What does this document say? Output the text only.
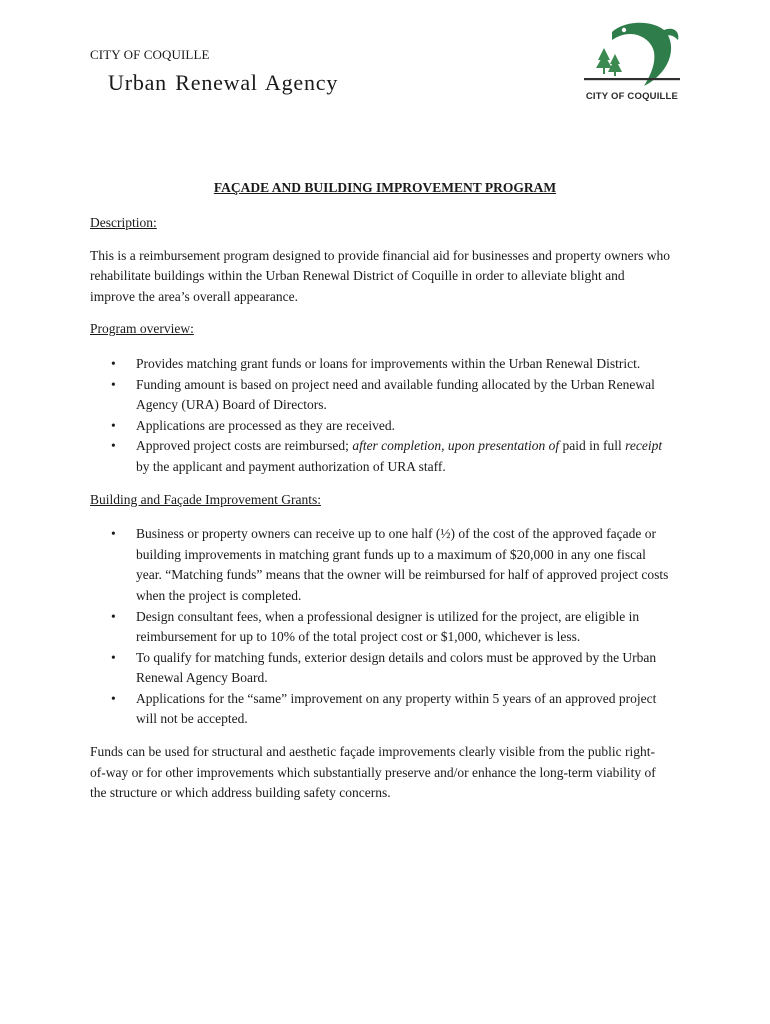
CITY OF COQUILLE
Urban Renewal Agency
CITY OF COQUILLE
FAÇADE AND BUILDING IMPROVEMENT PROGRAM

Description:

This is a reimbursement program designed to provide financial aid for businesses and property owners who rehabilitate buildings within the Urban Renewal District of Coquille in order to alleviate blight and improve the area’s overall appearance.

Program overview:

• Provides matching grant funds or loans for improvements within the Urban Renewal District.
• Funding amount is based on project need and available funding allocated by the Urban Renewal Agency (URA) Board of Directors.
• Applications are processed as they are received.
• Approved project costs are reimbursed; after completion, upon presentation of paid in full receipt by the applicant and payment authorization of URA staff.

Building and Façade Improvement Grants:

• Business or property owners can receive up to one half (½) of the cost of the approved façade or building improvements in matching grant funds up to a maximum of $20,000 in any one fiscal year. “Matching funds” means that the owner will be reimbursed for half of approved project costs when the project is completed.
• Design consultant fees, when a professional designer is utilized for the project, are eligible in reimbursement for up to 10% of the total project cost or $1,000, whichever is less.
• To qualify for matching funds, exterior design details and colors must be approved by the Urban Renewal Agency Board.
• Applications for the “same” improvement on any property within 5 years of an approved project will not be accepted.

Funds can be used for structural and aesthetic façade improvements clearly visible from the public right-of-way or for other improvements which substantially preserve and/or enhance the long-term viability of the structure or which address building safety concerns.
